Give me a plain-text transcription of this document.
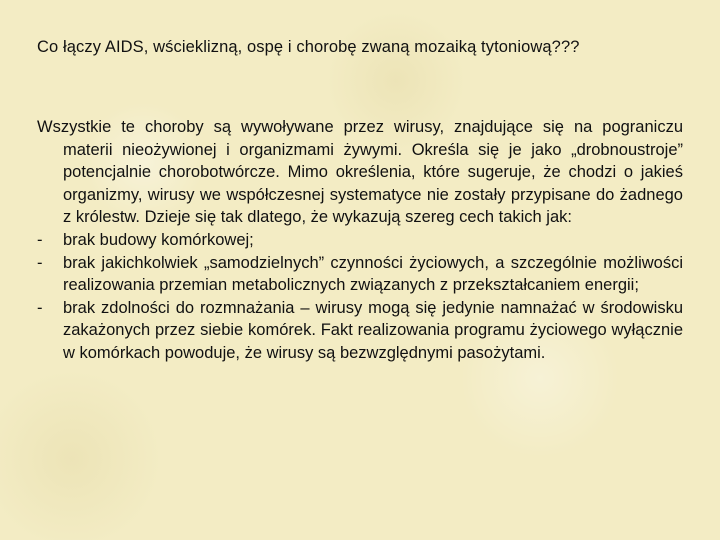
Co łączy AIDS, wścieklizną, ospę i chorobę zwaną mozaiką tytoniową???

Wszystkie te choroby są wywoływane przez wirusy, znajdujące się na pograniczu materii nieożywionej i organizmami żywymi. Określa się je jako „drobnoustroje” potencjalnie chorobotwórcze. Mimo określenia, które sugeruje, że chodzi o jakieś organizmy, wirusy we współczesnej systematyce nie zostały przypisane do żadnego z królestw. Dzieje się tak dlatego, że wykazują szereg cech takich jak:

-	brak budowy komórkowej;
-	brak jakichkolwiek „samodzielnych” czynności życiowych, a szczególnie możliwości realizowania przemian metabolicznych związanych z przekształcaniem energii;
-	brak zdolności do rozmnażania – wirusy mogą się jedynie namnażać w środowisku zakażonych przez siebie komórek. Fakt realizowania programu życiowego wyłącznie w komórkach powoduje, że wirusy są bezwzględnymi pasożytami.
